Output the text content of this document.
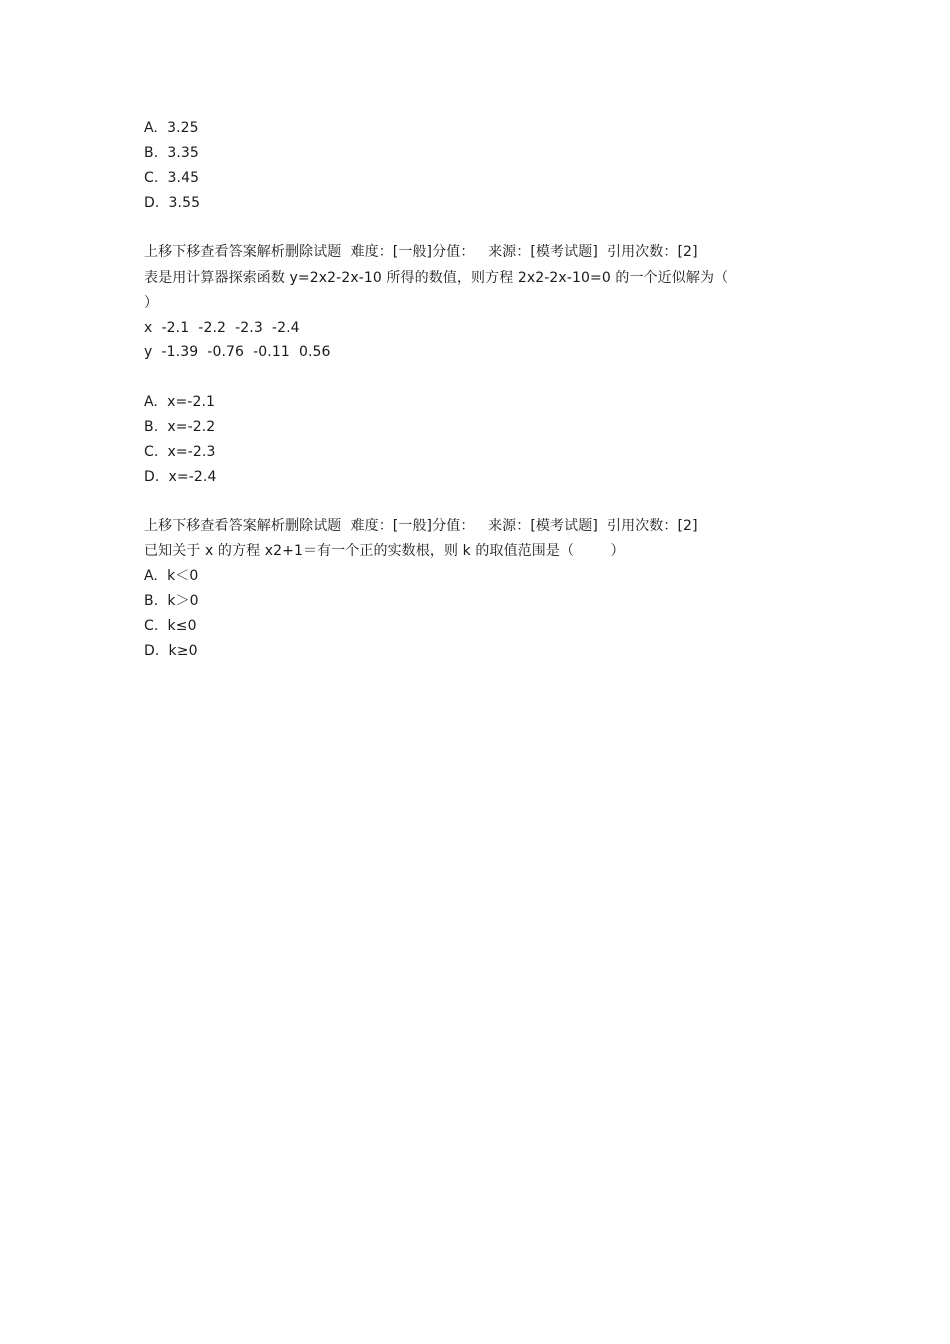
A.  3.25
B.  3.35
C.  3.45
D.  3.55
上移下移查看答案解析删除试题  难度：[一般]分值：   来源：[模考试题]  引用次数：[2]
表是用计算器探索函数 y=2x2-2x-10 所得的数值，则方程 2x2-2x-10=0 的一个近似解为（
）
x  -2.1  -2.2  -2.3  -2.4
y  -1.39  -0.76  -0.11  0.56
A.  x=-2.1
B.  x=-2.2
C.  x=-2.3
D.  x=-2.4
上移下移查看答案解析删除试题  难度：[一般]分值：   来源：[模考试题]  引用次数：[2]
已知关于 x 的方程 x2+1＝有一个正的实数根，则 k 的取值范围是（        ）
A.  k＜0
B.  k＞0
C.  k≤0
D.  k≥0
